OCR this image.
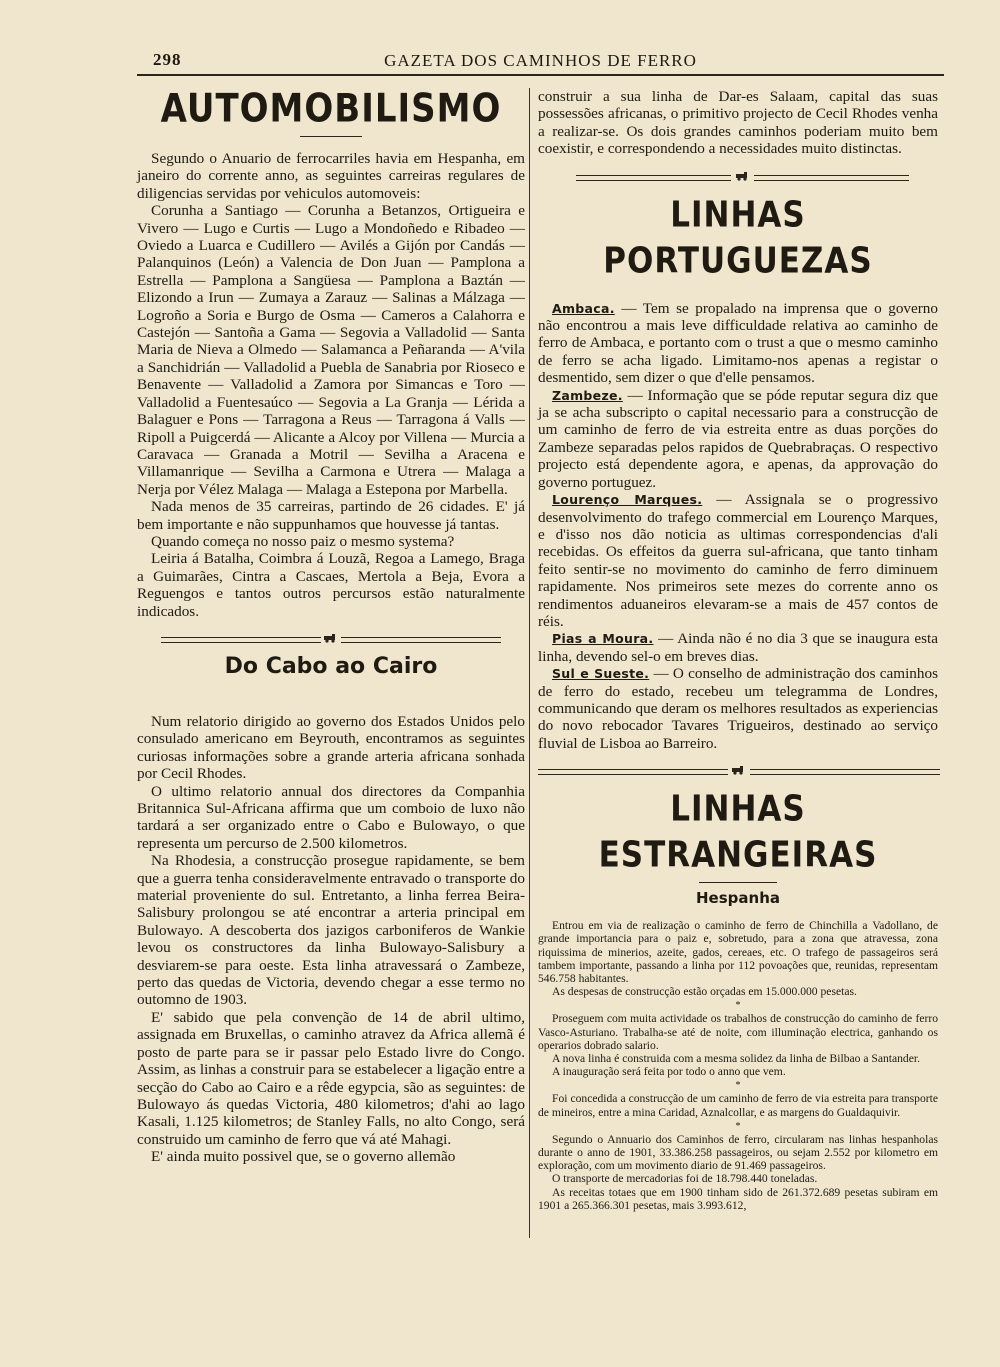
298	GAZETA DOS CAMINHOS DE FERRO
AUTOMOBILISMO

Segundo o Anuario de ferrocarriles havia em Hespanha, em janeiro do corrente anno, as seguintes carreiras regulares de diligencias servidas por vehiculos automoveis:

Corunha a Santiago — Corunha a Betanzos, Ortigueira e Vivero — Lugo e Curtis — Lugo a Mondoñedo e Ribadeo — Oviedo a Luarca e Cudillero — Avilés a Gijón por Candás — Palanquinos (León) a Valencia de Don Juan — Pamplona a Estrella — Pamplona a Sangüesa — Pamplona a Baztán — Elizondo a Irun — Zumaya a Zarauz — Salinas a Málzaga — Logroño a Soria e Burgo de Osma — Cameros a Calahorra e Castejón — Santoña a Gama — Segovia a Valladolid — Santa Maria de Nieva a Olmedo — Salamanca a Peñaranda — A'vila a Sanchidrián — Valladolid a Puebla de Sanabria por Rioseco e Benavente — Valladolid a Zamora por Simancas e Toro — Valladolid a Fuentesaúco — Segovia a La Granja — Lérida a Balaguer e Pons — Tarragona a Reus — Tarragona á Valls — Ripoll a Puigcerdá — Alicante a Alcoy por Villena — Murcia a Caravaca — Granada a Motril — Sevilha a Aracena e Villamanrique — Sevilha a Carmona e Utrera — Malaga a Nerja por Vélez Malaga — Malaga a Estepona por Marbella.

Nada menos de 35 carreiras, partindo de 26 cidades. E' já bem importante e não suppunhamos que houvesse já tantas.

Quando começa no nosso paiz o mesmo systema?

Leiria á Batalha, Coimbra á Louzã, Regoa a Lamego, Braga a Guimarães, Cintra a Cascaes, Mertola a Beja, Evora a Reguengos e tantos outros percursos estão naturalmente indicados.

Do Cabo ao Cairo

Num relatorio dirigido ao governo dos Estados Unidos pelo consulado americano em Beyrouth, encontramos as seguintes curiosas informações sobre a grande arteria africana sonhada por Cecil Rhodes.

O ultimo relatorio annual dos directores da Companhia Britannica Sul-Africana affirma que um comboio de luxo não tardará a ser organizado entre o Cabo e Bulowayo, o que representa um percurso de 2.500 kilometros.

Na Rhodesia, a construcção prosegue rapidamente, se bem que a guerra tenha consideravelmente entravado o transporte do material proveniente do sul. Entretanto, a linha ferrea Beira-Salisbury prolongou se até encontrar a arteria principal em Bulowayo. A descoberta dos jazigos carboniferos de Wankie levou os constructores da linha Bulowayo-Salisbury a desviarem-se para oeste. Esta linha atravessará o Zambeze, perto das quedas de Victoria, devendo chegar a esse termo no outomno de 1903.

E' sabido que pela convenção de 14 de abril ultimo, assignada em Bruxellas, o caminho atravez da Africa allemã é posto de parte para se ir passar pelo Estado livre do Congo. Assim, as linhas a construir para se estabelecer a ligação entre a secção do Cabo ao Cairo e a rêde egypcia, são as seguintes: de Bulowayo ás quedas Victoria, 480 kilometros; d'ahi ao lago Kasali, 1.125 kilometros; de Stanley Falls, no alto Congo, será construido um caminho de ferro que vá até Mahagi.

E' ainda muito possivel que, se o governo allemão

construir a sua linha de Dar-es Salaam, capital das suas possessões africanas, o primitivo projecto de Cecil Rhodes venha a realizar-se. Os dois grandes caminhos poderiam muito bem coexistir, e correspondendo a necessidades muito distinctas.

LINHAS PORTUGUEZAS

Ambaca. — Tem se propalado na imprensa que o governo não encontrou a mais leve difficuldade relativa ao caminho de ferro de Ambaca, e portanto com o trust a que o mesmo caminho de ferro se acha ligado. Limitamo-nos apenas a registar o desmentido, sem dizer o que d'elle pensamos.

Zambeze. — Informação que se póde reputar segura diz que ja se acha subscripto o capital necessario para a construcção de um caminho de ferro de via estreita entre as duas porções do Zambeze separadas pelos rapidos de Quebrabraças. O respectivo projecto está dependente agora, e apenas, da approvação do governo portuguez.

Lourenço Marques. — Assignala se o progressivo desenvolvimento do trafego commercial em Lourenço Marques, e d'isso nos dão noticia as ultimas correspondencias d'ali recebidas. Os effeitos da guerra sul-africana, que tanto tinham feito sentir-se no movimento do caminho de ferro diminuem rapidamente. Nos primeiros sete mezes do corrente anno os rendimentos aduaneiros elevaram-se a mais de 457 contos de réis.

Pias a Moura. — Ainda não é no dia 3 que se inaugura esta linha, devendo sel-o em breves dias.

Sul e Sueste. — O conselho de administração dos caminhos de ferro do estado, recebeu um telegramma de Londres, communicando que deram os melhores resultados as experiencias do novo rebocador Tavares Trigueiros, destinado ao serviço fluvial de Lisboa ao Barreiro.

LINHAS ESTRANGEIRAS
Hespanha

Entrou em via de realização o caminho de ferro de Chinchilla a Vadollano, de grande importancia para o paiz e, sobretudo, para a zona que atravessa, zona riquissima de minerios, azeite, gados, cereaes, etc. O trafego de passageiros será tambem importante, passando a linha por 112 povoações que, reunidas, representam 546.758 habitantes.

As despesas de construcção estão orçadas em 15.000.000 pesetas.

*

Proseguem com muita actividade os trabalhos de construcção do caminho de ferro Vasco-Asturiano. Trabalha-se até de noite, com illuminação electrica, ganhando os operarios dobrado salario.

A nova linha é construida com a mesma solidez da linha de Bilbao a Santander.

A inauguração será feita por todo o anno que vem.

*

Foi concedida a construcção de um caminho de ferro de via estreita para transporte de mineiros, entre a mina Caridad, Aznalcollar, e as margens do Gualdaquivir.

*

Segundo o Annuario dos Caminhos de ferro, circularam nas linhas hespanholas durante o anno de 1901, 33.386.258 passageiros, ou sejam 2.552 por kilometro em exploração, com um movimento diario de 91.469 passageiros.

O transporte de mercadorias foi de 18.798.440 toneladas.

As receitas totaes que em 1900 tinham sido de 261.372.689 pesetas subiram em 1901 a 265.366.301 pesetas, mais 3.993.612,
